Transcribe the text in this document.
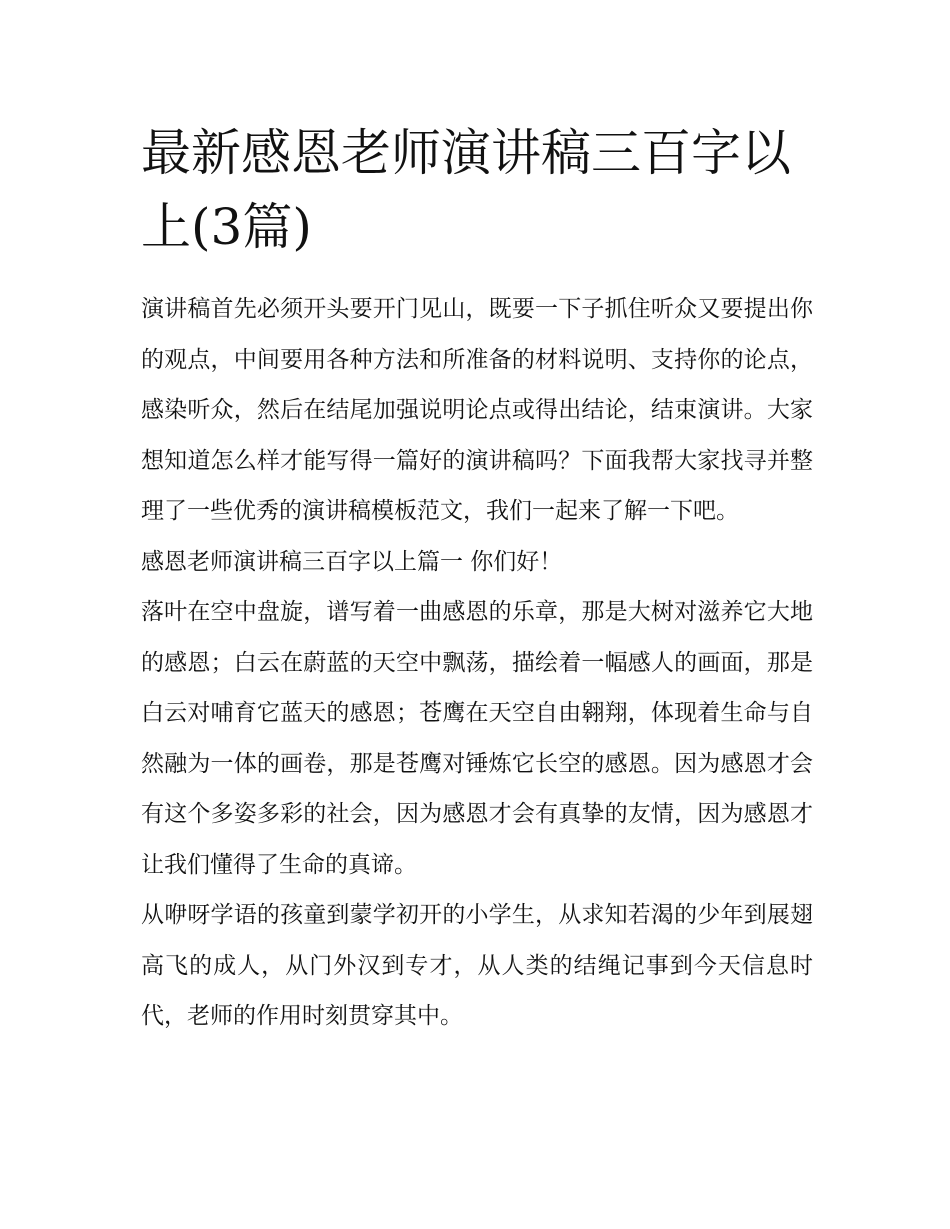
最新感恩老师演讲稿三百字以上(3篇)

演讲稿首先必须开头要开门见山，既要一下子抓住听众又要提出你的观点，中间要用各种方法和所准备的材料说明、支持你的论点，感染听众，然后在结尾加强说明论点或得出结论，结束演讲。大家想知道怎么样才能写得一篇好的演讲稿吗？下面我帮大家找寻并整理了一些优秀的演讲稿模板范文，我们一起来了解一下吧。

感恩老师演讲稿三百字以上篇一 你们好！

落叶在空中盘旋，谱写着一曲感恩的乐章，那是大树对滋养它大地的感恩；白云在蔚蓝的天空中飘荡，描绘着一幅感人的画面，那是白云对哺育它蓝天的感恩；苍鹰在天空自由翱翔，体现着生命与自然融为一体的画卷，那是苍鹰对锤炼它长空的感恩。因为感恩才会有这个多姿多彩的社会，因为感恩才会有真挚的友情，因为感恩才让我们懂得了生命的真谛。

从咿呀学语的孩童到蒙学初开的小学生，从求知若渴的少年到展翅高飞的成人，从门外汉到专才，从人类的结绳记事到今天信息时代，老师的作用时刻贯穿其中。
